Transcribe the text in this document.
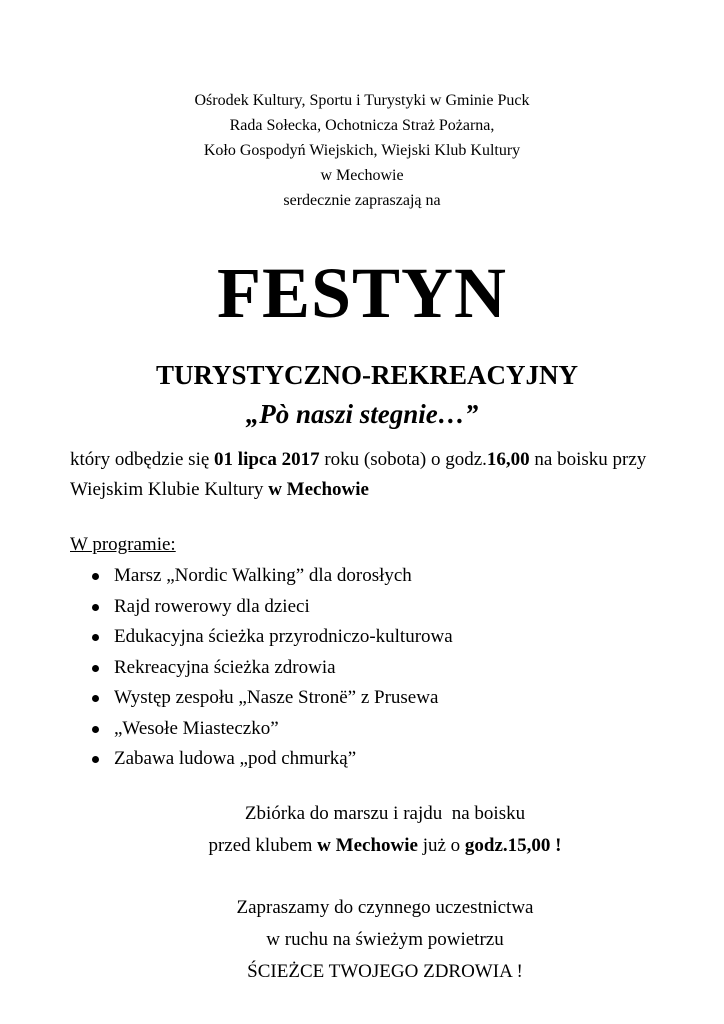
Ośrodek Kultury, Sportu i Turystyki w Gminie Puck
Rada Sołecka, Ochotnicza Straż Pożarna,
Koło Gospodyń Wiejskich, Wiejski Klub Kultury
w Mechowie
serdecznie zapraszają na
FESTYN
TURYSTYCZNO-REKREACYJNY
„Pò naszi stegnie…”
który odbędzie się 01 lipca 2017 roku (sobota) o godz.16,00 na boisku przy Wiejskim Klubie Kultury w Mechowie
W programie:
Marsz „Nordic Walking” dla dorosłych
Rajd rowerowy dla dzieci
Edukacyjna ścieżka przyrodniczo-kulturowa
Rekreacyjna ścieżka zdrowia
Występ zespołu „Nasze Stronë” z Prusewa
„Wesołe Miasteczko”
Zabawa ludowa „pod chmurką”
Zbiórka do marszu i rajdu  na boisku
przed klubem w Mechowie już o godz.15,00 !
Zapraszamy do czynnego uczestnictwa
w ruchu na świeżym powietrzu
ŚCIEŻCE TWOJEGO ZDROWIA !
